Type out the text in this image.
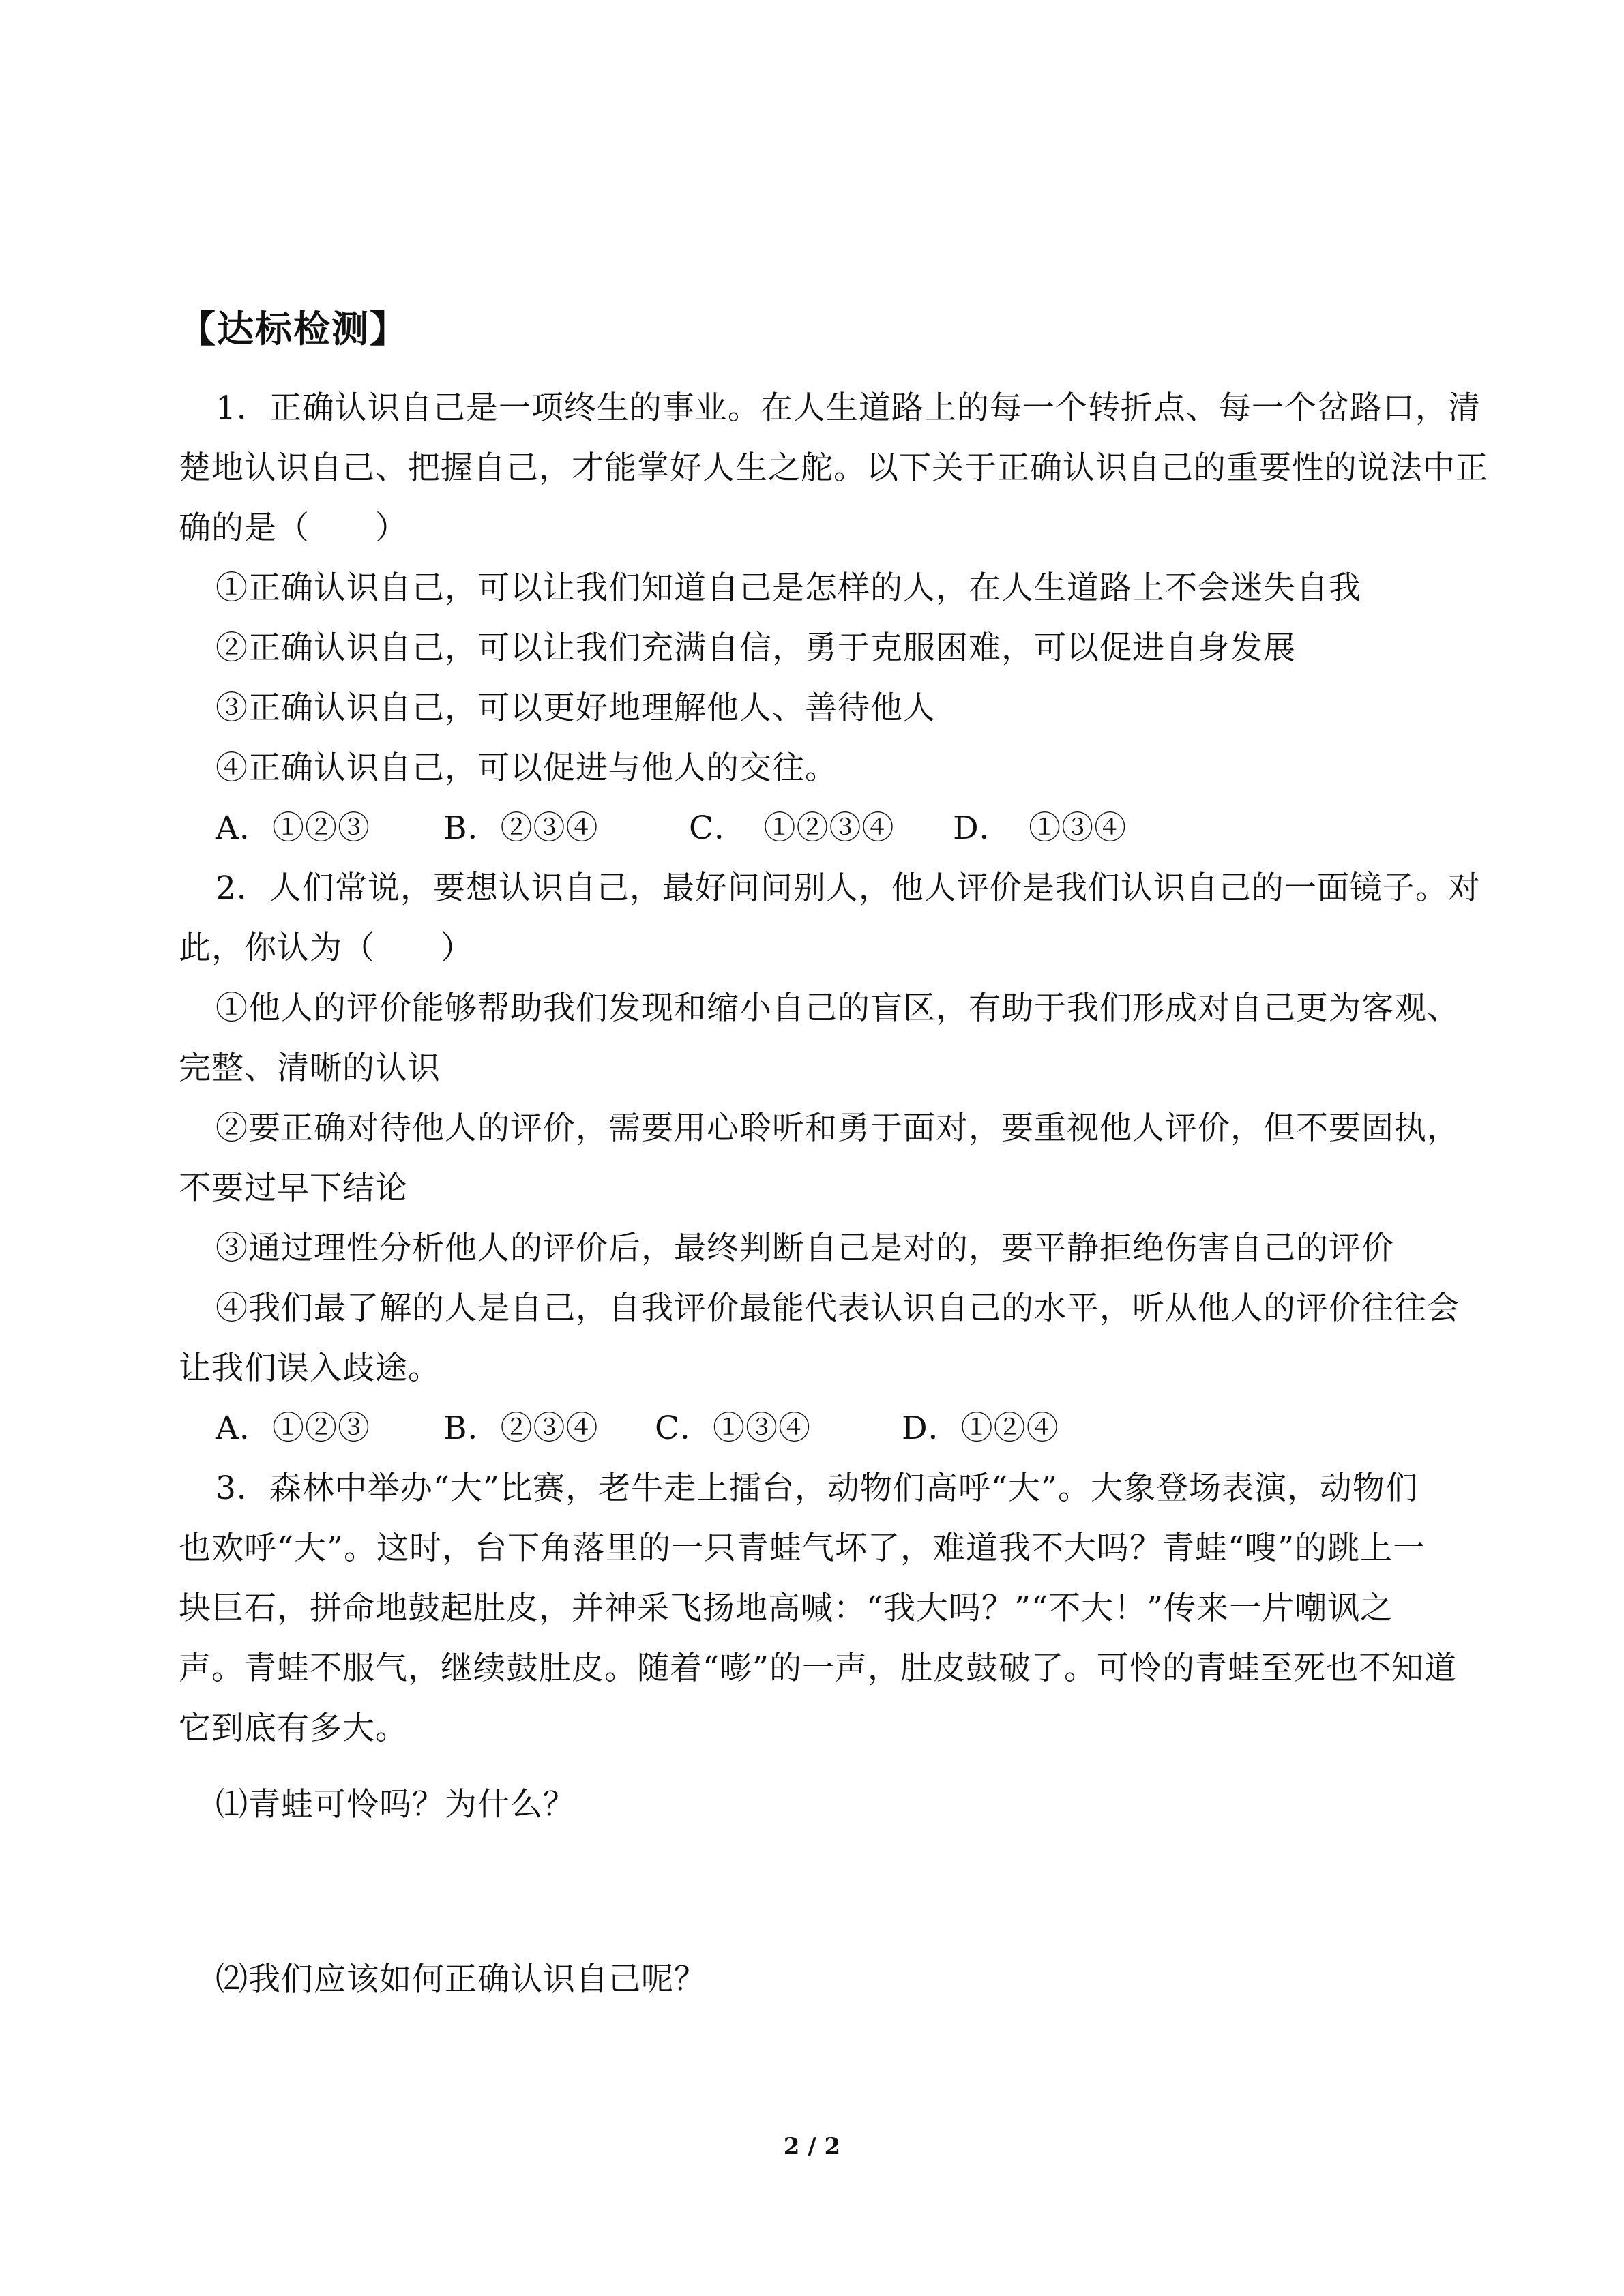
【达标检测】
1．正确认识自己是一项终生的事业。在人生道路上的每一个转折点、每一个岔路口，清
楚地认识自己、把握自己，才能掌好人生之舵。以下关于正确认识自己的重要性的说法中正
确的是（　　）
①正确认识自己，可以让我们知道自己是怎样的人，在人生道路上不会迷失自我
②正确认识自己，可以让我们充满自信，勇于克服困难，可以促进自身发展
③正确认识自己，可以更好地理解他人、善待他人
④正确认识自己，可以促进与他人的交往。
A．①②③ B．②③④	C．　①②③④ D．　①③④
2．人们常说，要想认识自己，最好问问别人，他人评价是我们认识自己的一面镜子。对
此，你认为（　　）
①他人的评价能够帮助我们发现和缩小自己的盲区，有助于我们形成对自己更为客观、
完整、清晰的认识
②要正确对待他人的评价，需要用心聆听和勇于面对，要重视他人评价，但不要固执，
不要过早下结论
③通过理性分析他人的评价后，最终判断自己是对的，要平静拒绝伤害自己的评价
④我们最了解的人是自己，自我评价最能代表认识自己的水平，听从他人的评价往往会
让我们误入歧途。
A．①②③ B．②③④ C．①③④	D．①②④
3．森林中举办“大”比赛，老牛走上擂台，动物们高呼“大”。大象登场表演，动物们
也欢呼“大”。这时，台下角落里的一只青蛙气坏了，难道我不大吗？青蛙“嗖”的跳上一
块巨石，拼命地鼓起肚皮，并神采飞扬地高喊：“我大吗？”“不大！”传来一片嘲讽之
声。青蛙不服气，继续鼓肚皮。随着“嘭”的一声，肚皮鼓破了。可怜的青蛙至死也不知道
它到底有多大。
⑴青蛙可怜吗？为什么？
⑵我们应该如何正确认识自己呢？
2 / 2
